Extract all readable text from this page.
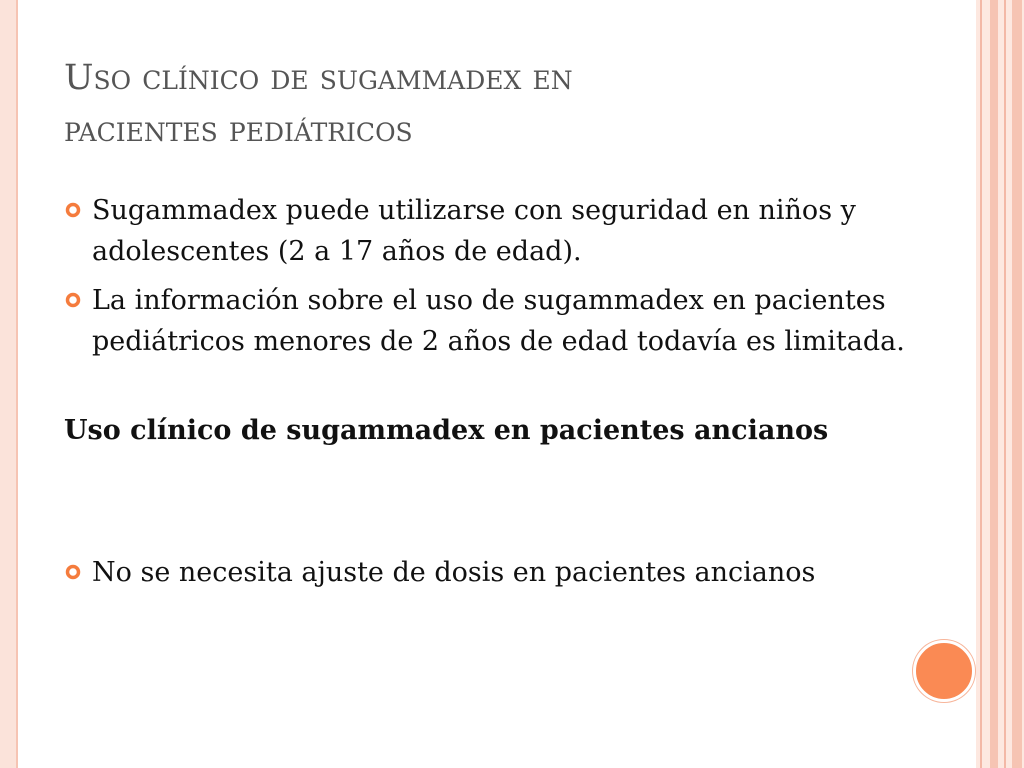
Uso clínico de sugammadex en
pacientes pediátricos

Sugammadex puede utilizarse con seguridad en niños y adolescentes (2 a 17 años de edad).

La información sobre el uso de sugammadex en pacientes pediátricos menores de 2 años de edad todavía es limitada.

Uso clínico de sugammadex en pacientes ancianos

No se necesita ajuste de dosis en pacientes ancianos
